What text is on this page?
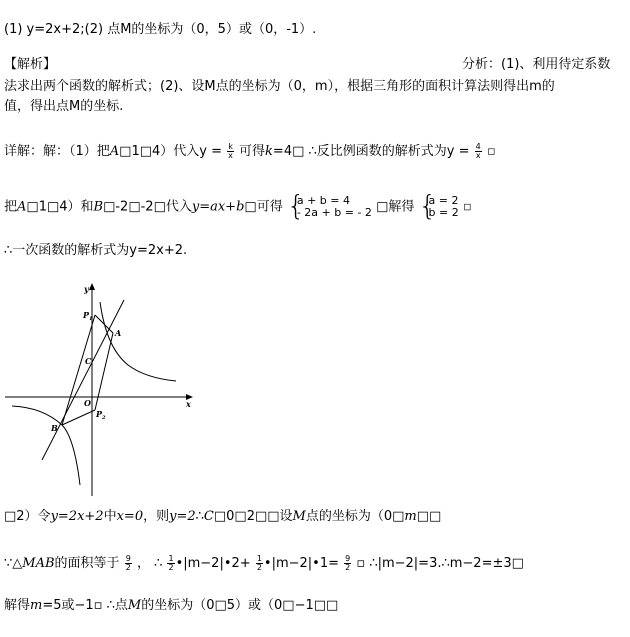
(1) y=2x+2;(2) 点M的坐标为（0，5）或（0，-1）.
【解析】	分析：(1)、利用待定系数
法求出两个函数的解析式；(2)、设M点的坐标为（0，m），根据三角形的面积计算法则得出m的
值，得出点M的坐标.
详解：解：（1）把A□1□4）代入$y = \frac{k}{x}$ 可得k=4□ ∴反比例函数的解析式为$y = \frac{4}{x}$ ▫
把A□1□4）和B□-2□-2□代入y=ax+b□可得 {
a + b = 4
- 2a + b = - 2 □解得 {
a = 2
b = 2 ▫
∴一次函数的解析式为y=2x+2.
y
x
O
A
B
C
$P_1$
$P_2$
□2）令y=2x+2中x=0，则y=2∴C□0□2□□设M点的坐标为（0□m□□
∵△MAB的面积等于 $\frac{9}{2}$ ， ∴ $\frac{1}{2}$ •|m−2|•2+ $\frac{1}{2}$ •|m−2|•1= $\frac{9}{2}$ ▫ ∴|m−2|=3.∴m−2=±3□
解得m=5或−1▫ ∴点M的坐标为（0□5）或（0□−1□□
